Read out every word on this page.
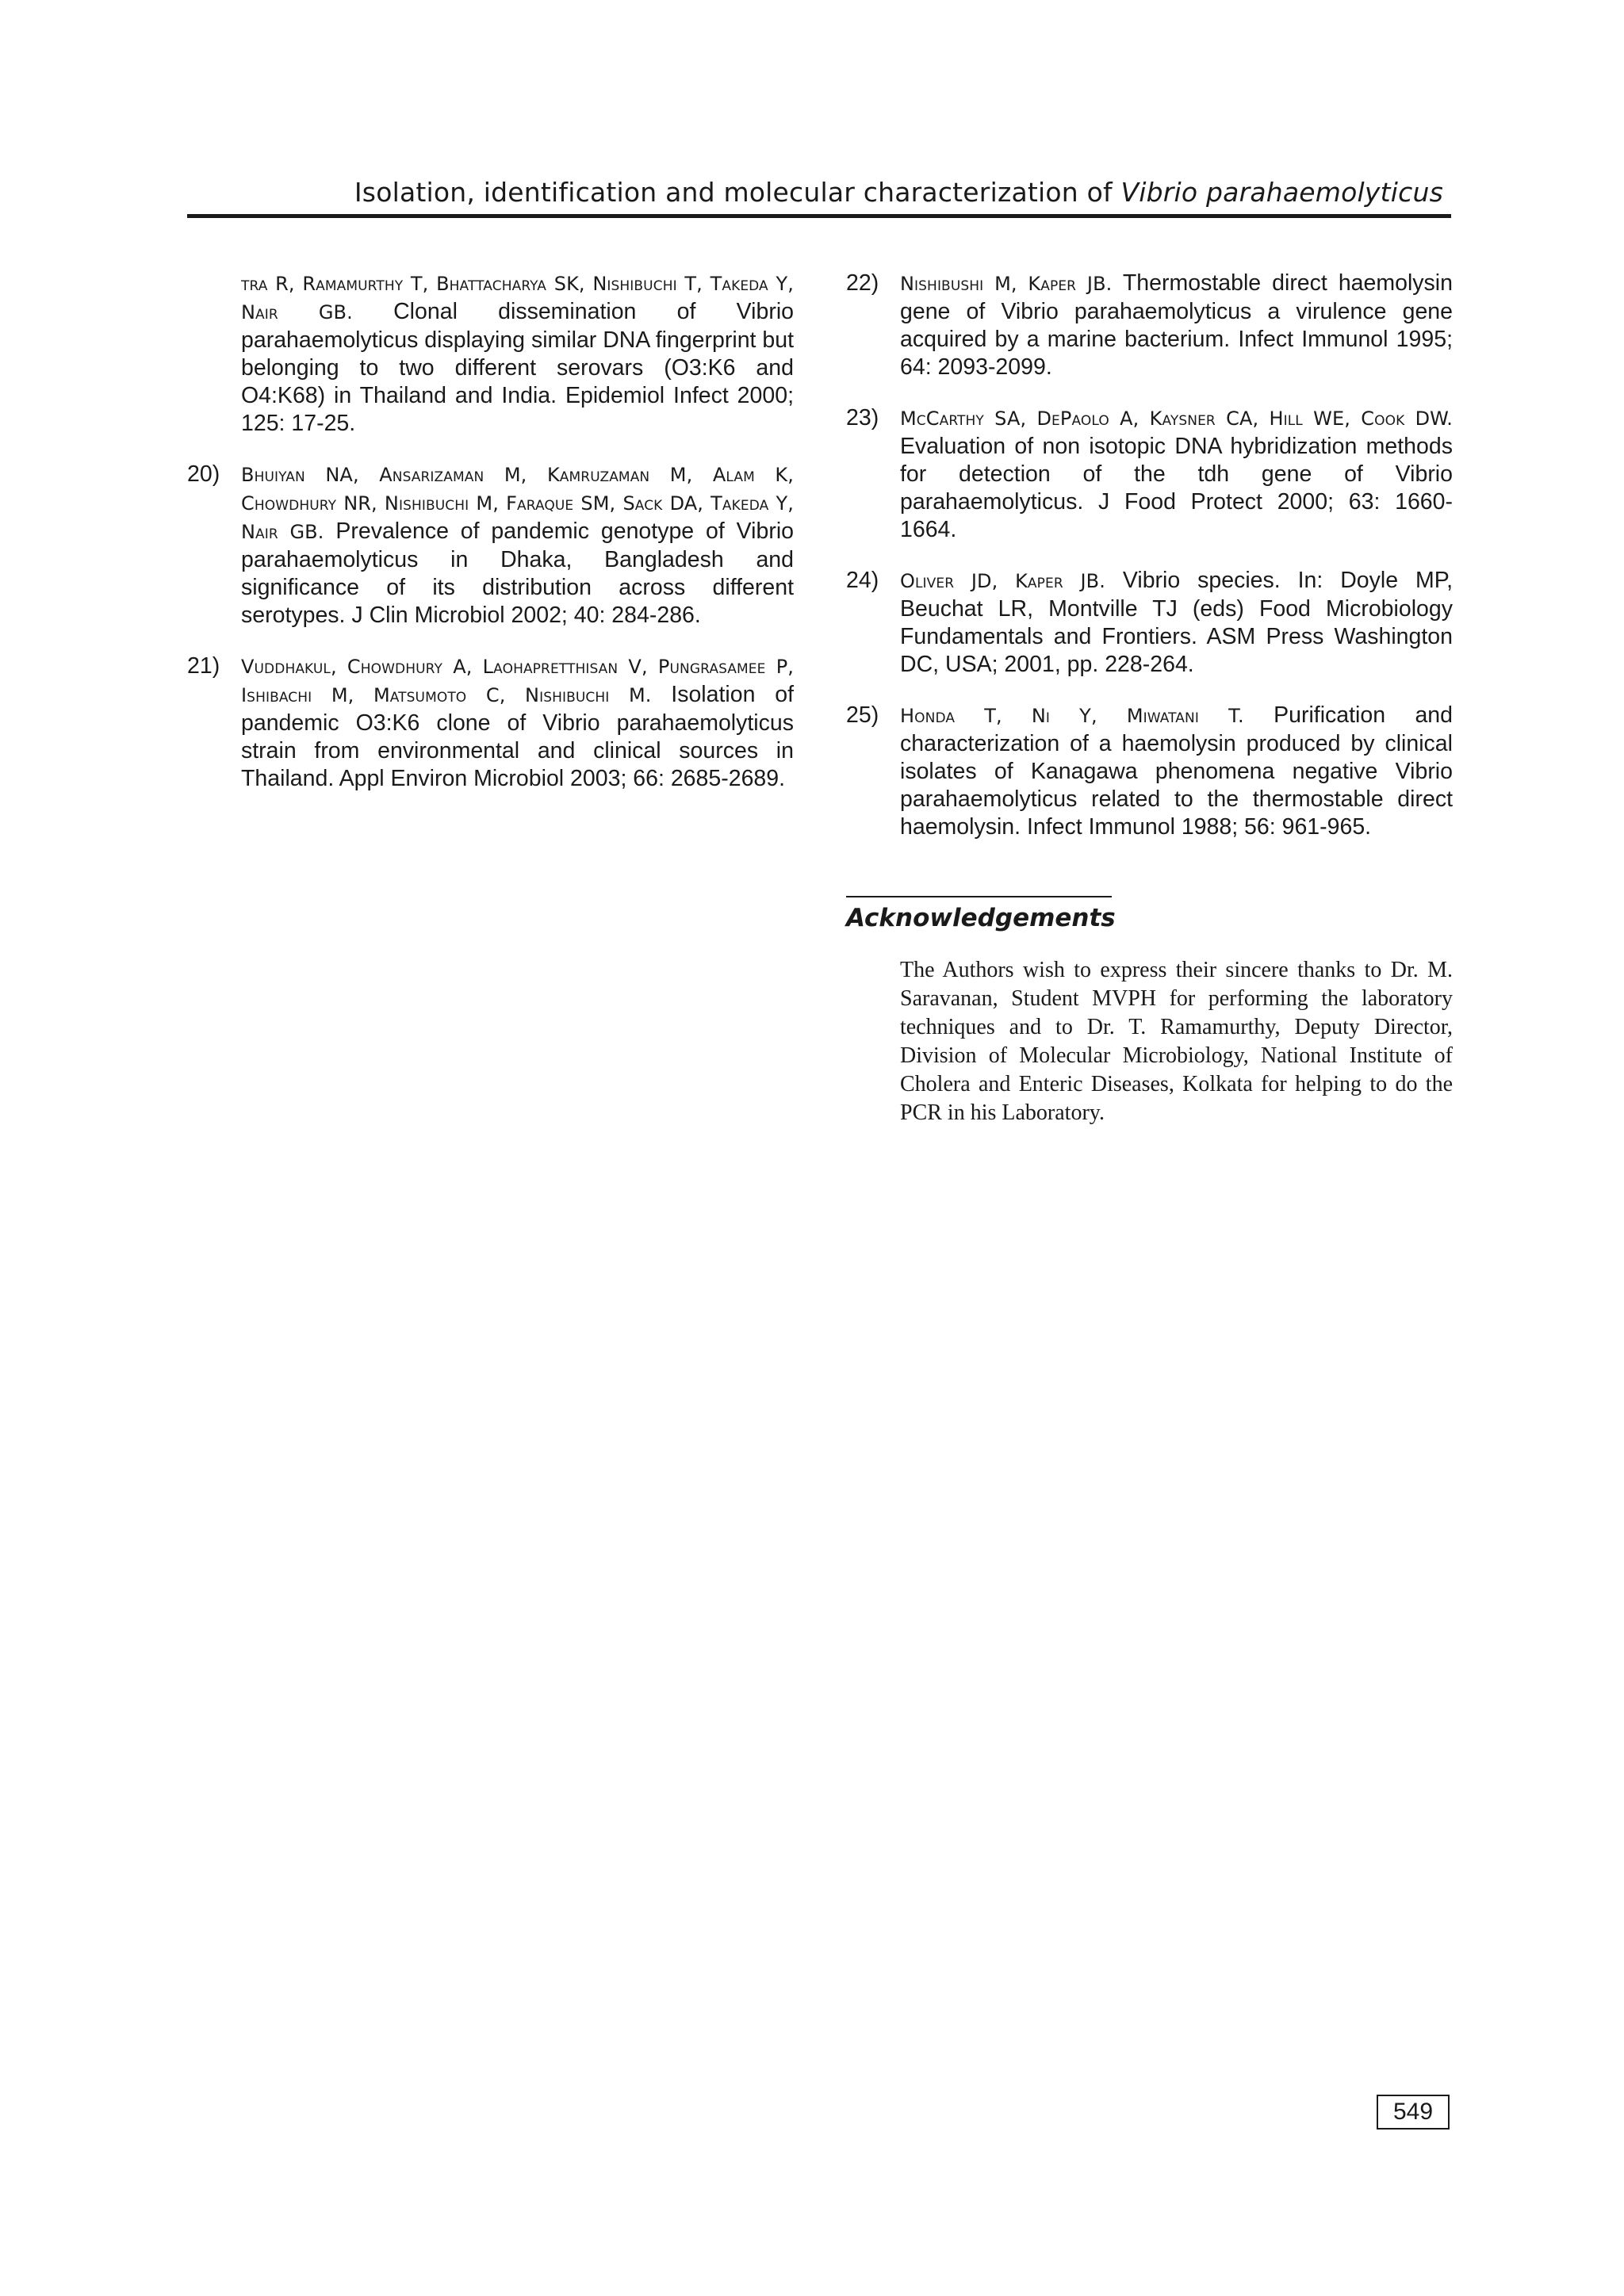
Isolation, identification and molecular characterization of Vibrio parahaemolyticus
tra R, Ramamurthy T, Bhattacharya SK, Nishibuchi T, Takeda Y, Nair GB. Clonal dissemination of Vibrio parahaemolyticus displaying similar DNA fingerprint but belonging to two different serovars (O3:K6 and O4:K68) in Thailand and India. Epidemiol Infect 2000; 125: 17-25.
20) Bhuiyan NA, Ansarizaman M, Kamruzaman M, Alam K, Chowdhury NR, Nishibuchi M, Faraque SM, Sack DA, Takeda Y, Nair GB. Prevalence of pandemic genotype of Vibrio parahaemolyticus in Dhaka, Bangladesh and significance of its distribution across different serotypes. J Clin Microbiol 2002; 40: 284-286.
21) Vuddhakul, Chowdhury A, Laohapretthisan V, Pungrasamee P, Ishibachi M, Matsumoto C, Nishibuchi M. Isolation of pandemic O3:K6 clone of Vibrio parahaemolyticus strain from environmental and clinical sources in Thailand. Appl Environ Microbiol 2003; 66: 2685-2689.
22) Nishibushi M, Kaper JB. Thermostable direct haemolysin gene of Vibrio parahaemolyticus a virulence gene acquired by a marine bacterium. Infect Immunol 1995; 64: 2093-2099.
23) McCarthy SA, DePaolo A, Kaysner CA, Hill WE, Cook DW. Evaluation of non isotopic DNA hybridization methods for detection of the tdh gene of Vibrio parahaemolyticus. J Food Protect 2000; 63: 1660-1664.
24) Oliver JD, Kaper JB. Vibrio species. In: Doyle MP, Beuchat LR, Montville TJ (eds) Food Microbiology Fundamentals and Frontiers. ASM Press Washington DC, USA; 2001, pp. 228-264.
25) Honda T, Ni Y, Miwatani T. Purification and characterization of a haemolysin produced by clinical isolates of Kanagawa phenomena negative Vibrio parahaemolyticus related to the thermostable direct haemolysin. Infect Immunol 1988; 56: 961-965.
Acknowledgements
The Authors wish to express their sincere thanks to Dr. M. Saravanan, Student MVPH for performing the laboratory techniques and to Dr. T. Ramamurthy, Deputy Director, Division of Molecular Microbiology, National Institute of Cholera and Enteric Diseases, Kolkata for helping to do the PCR in his Laboratory.
549
